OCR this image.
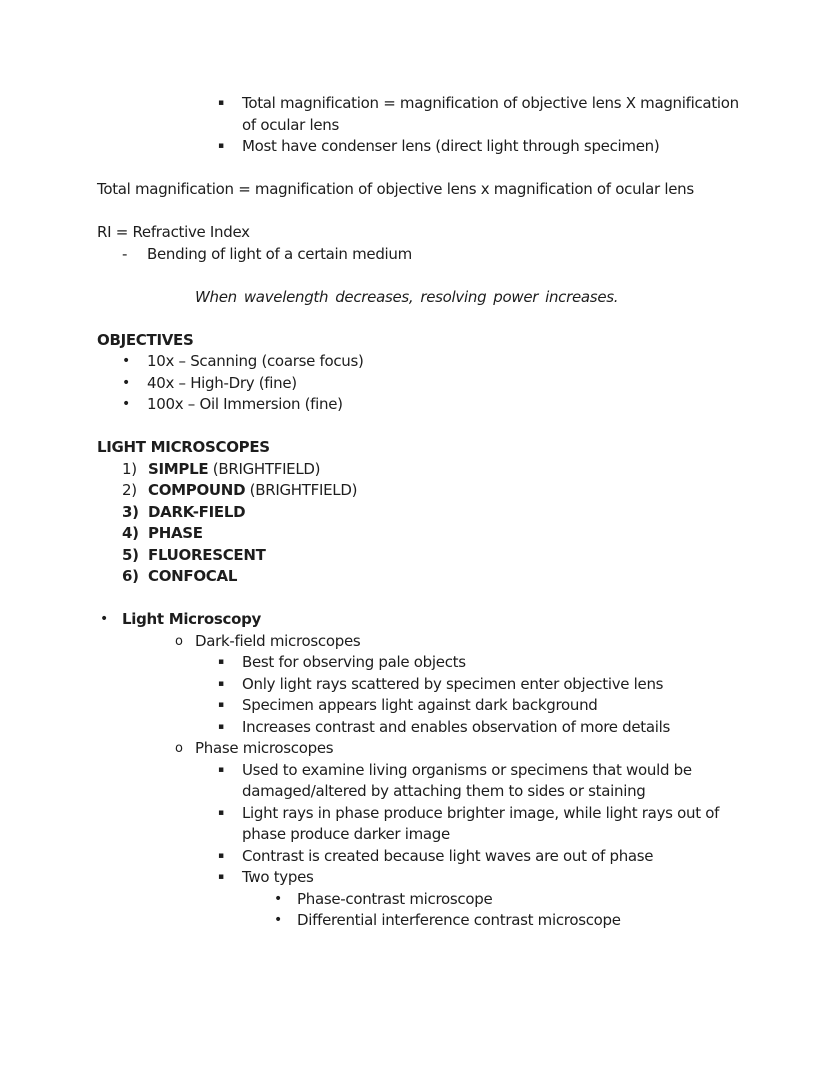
▪	Total magnification = magnification of objective lens X magnification of ocular lens
▪	Most have condenser lens (direct light through specimen)
Total magnification = magnification of objective lens x magnification of ocular lens
RI = Refractive Index
-	Bending of light of a certain medium
When wavelength decreases, resolving power increases.
OBJECTIVES
•	10x – Scanning (coarse focus)
•	40x – High-Dry (fine)
•	100x – Oil Immersion (fine)
LIGHT MICROSCOPES
1) SIMPLE (BRIGHTFIELD)
2) COMPOUND (BRIGHTFIELD)
3) DARK-FIELD
4) PHASE
5) FLUORESCENT
6) CONFOCAL
• Light Microscopy
o Dark-field microscopes
▪	Best for observing pale objects
▪	Only light rays scattered by specimen enter objective lens
▪	Specimen appears light against dark background
▪	Increases contrast and enables observation of more details
o Phase microscopes
▪	Used to examine living organisms or specimens that would be damaged/altered by attaching them to sides or staining
▪	Light rays in phase produce brighter image, while light rays out of phase produce darker image
▪	Contrast is created because light waves are out of phase
▪	Two types
•	Phase-contrast microscope
•	Differential interference contrast microscope
